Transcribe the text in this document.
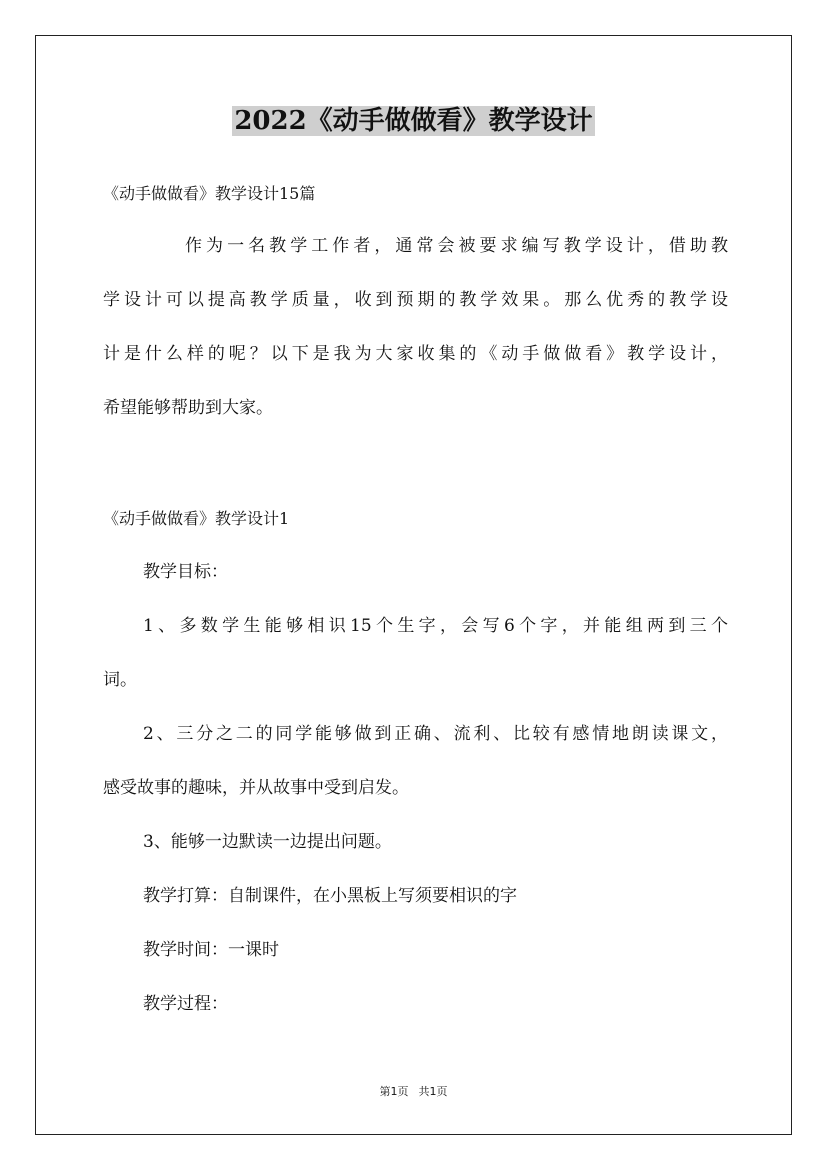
2022《动手做做看》教学设计
《动手做做看》教学设计15篇
作为一名教学工作者，通常会被要求编写教学设计，借助教
学设计可以提高教学质量，收到预期的教学效果。那么优秀的教学设
计是什么样的呢？以下是我为大家收集的《动手做做看》教学设计，
希望能够帮助到大家。
《动手做做看》教学设计1
教学目标：
1、多数学生能够相识15个生字，会写6个字，并能组两到三个
词。
2、三分之二的同学能够做到正确、流利、比较有感情地朗读课文，
感受故事的趣味，并从故事中受到启发。
3、能够一边默读一边提出问题。
教学打算：自制课件，在小黑板上写须要相识的字
教学时间：一课时
教学过程：
第1页 共1页
